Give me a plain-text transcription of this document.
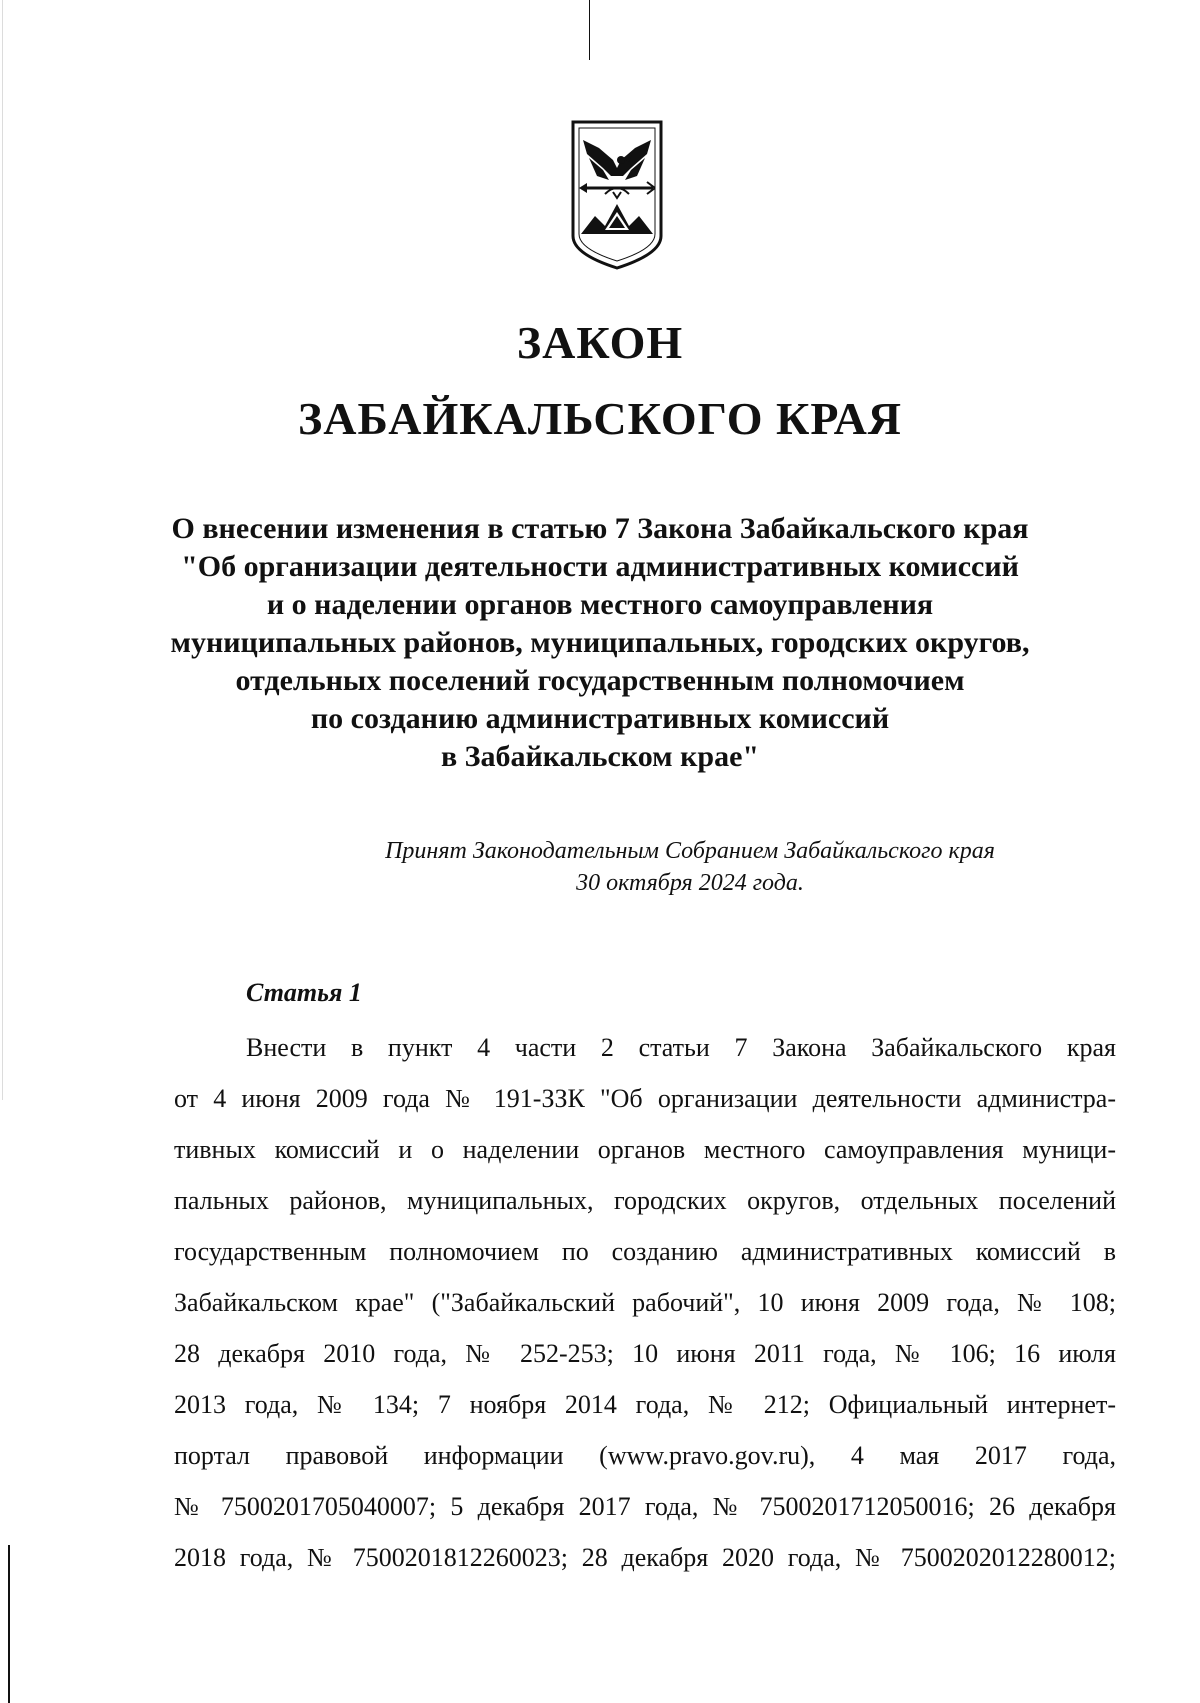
ЗАКОН
ЗАБАЙКАЛЬСКОГО КРАЯ
О внесении изменения в статью 7 Закона Забайкальского края
"Об организации деятельности административных комиссий
и о наделении органов местного самоуправления
муниципальных районов, муниципальных, городских округов,
отдельных поселений государственным полномочием
по созданию административных комиссий
в Забайкальском крае"
Принят Законодательным Собранием Забайкальского края
30 октября 2024 года.
Статья 1
Внести в пункт 4 части 2 статьи 7 Закона Забайкальского края
от 4 июня 2009 года № 191-ЗЗК "Об организации деятельности администра-
тивных комиссий и о наделении органов местного самоуправления муници-
пальных районов, муниципальных, городских округов, отдельных поселений
государственным полномочием по созданию административных комиссий в
Забайкальском крае" ("Забайкальский рабочий", 10 июня 2009 года, № 108;
28 декабря 2010 года, № 252-253; 10 июня 2011 года, № 106; 16 июля
2013 года, № 134; 7 ноября 2014 года, № 212; Официальный интернет-
портал правовой информации (www.pravo.gov.ru), 4 мая 2017 года,
№ 7500201705040007; 5 декабря 2017 года, № 7500201712050016; 26 декабря
2018 года, № 7500201812260023; 28 декабря 2020 года, № 7500202012280012;
